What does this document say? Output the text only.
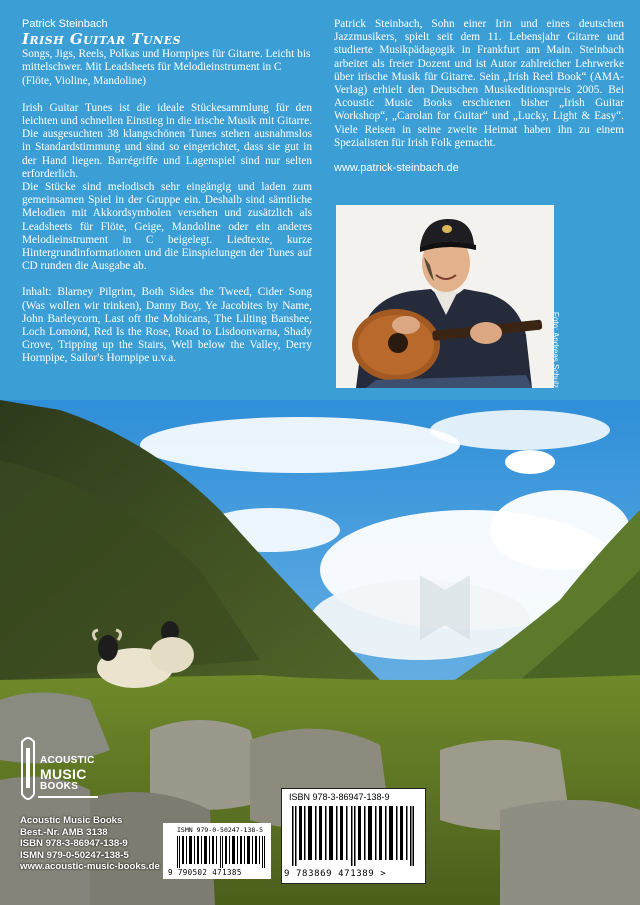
Patrick Steinbach
Irish Guitar Tunes

Songs, Jigs, Reels, Polkas und Hornpipes für Gitarre. Leicht bis mittelschwer. Mit Leadsheets für Melodieinstrument in C (Flöte, Violine, Mandoline)

Irish Guitar Tunes ist die ideale Stückesammlung für den leichten und schnellen Einstieg in die irische Musik mit Gitarre. Die ausgesuchten 38 klangschönen Tunes stehen ausnahmslos in Standardstimmung und sind so eingerichtet, dass sie gut in der Hand liegen. Barrégriffe und Lagenspiel sind nur selten erforderlich.

Die Stücke sind melodisch sehr eingängig und laden zum gemeinsamen Spiel in der Gruppe ein. Deshalb sind sämtliche Melodien mit Akkordsymbolen versehen und zusätzlich als Leadsheets für Flöte, Geige, Mandoline oder ein anderes Melodieinstrument in C beigelegt. Liedtexte, kurze Hintergrundinformationen und die Einspielungen der Tunes auf CD runden die Ausgabe ab.

Inhalt: Blarney Pilgrim, Both Sides the Tweed, Cider Song (Was wollen wir trinken), Danny Boy, Ye Jacobites by Name, John Barleycorn, Last oft the Mohicans, The Lilting Banshee, Loch Lomond, Red Is the Rose, Road to Lisdoonvarna, Shady Grove, Tripping up the Stairs, Well below the Valley, Derry Hornpipe, Sailor's Hornpipe u.v.a.

Patrick Steinbach, Sohn einer Irin und eines deutschen Jazzmusikers, spielt seit dem 11. Lebensjahr Gitarre und studierte Musikpädagogik in Frankfurt am Main. Steinbach arbeitet als freier Dozent und ist Autor zahlreicher Lehrwerke über irische Musik für Gitarre. Sein „Irish Reel Book“ (AMA-Verlag) erhielt den Deutschen Musikeditionspreis 2005. Bei Acoustic Music Books erschienen bisher „Irish Guitar Workshop“, „Carolan for Guitar“ und „Lucky, Light & Easy“. Viele Reisen in seine zweite Heimat haben ihn zu einem Spezialisten für Irish Folk gemacht.

www.patrick-steinbach.de
Foto: Andreas Schulz
ACOUSTIC
MUSIC
BOOKS
Acoustic Music Books
Best.-Nr. AMB 3138
ISBN 978-3-86947-138-9
ISMN 979-0-50247-138-5
www.acoustic-music-books.de
ISMN 979-0-50247-138-5
9 790502 471385
ISBN 978-3-86947-138-9
9 783869 471389 >
